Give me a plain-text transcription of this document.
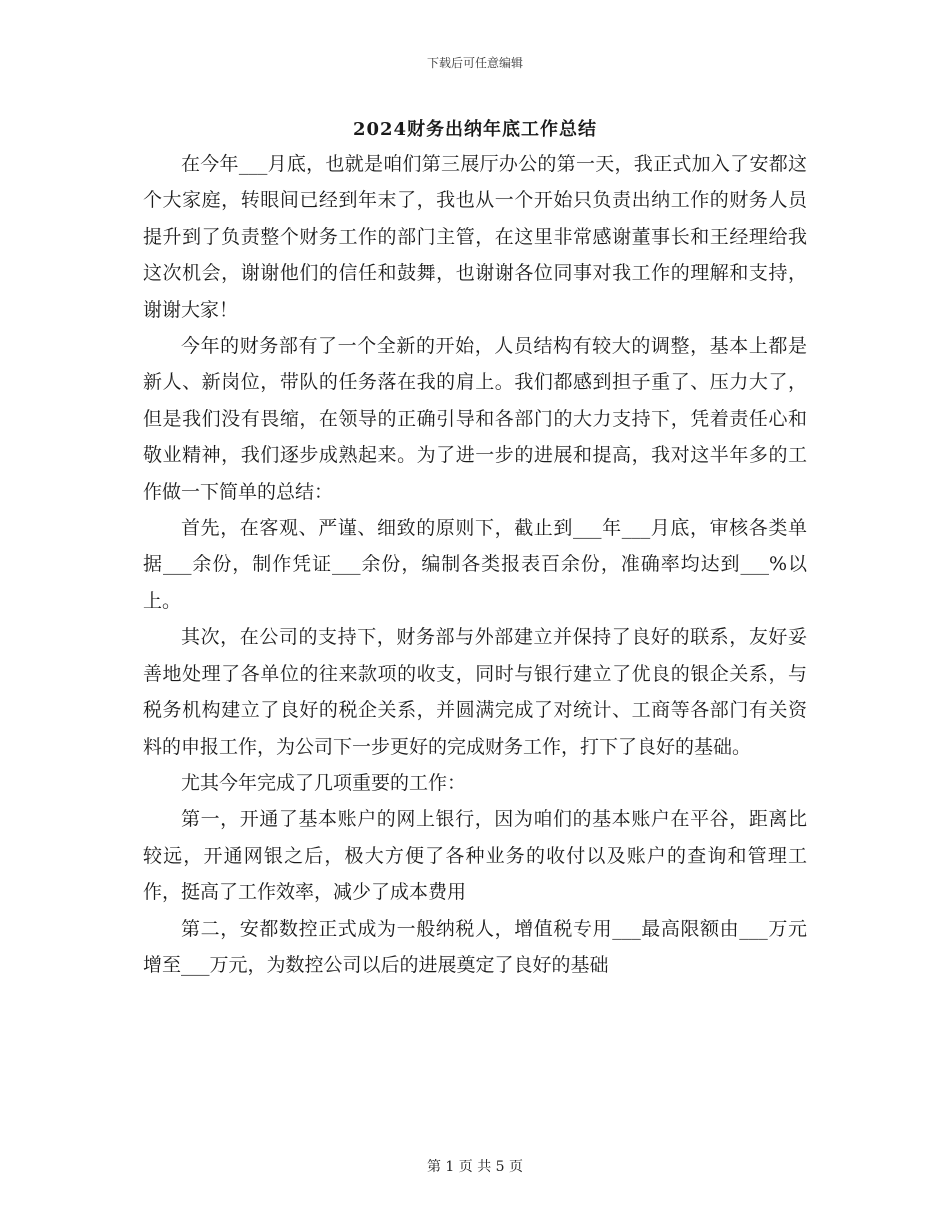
下载后可任意编辑
2024财务出纳年底工作总结

在今年___月底，也就是咱们第三展厅办公的第一天，我正式加入了安都这个大家庭，转眼间已经到年末了，我也从一个开始只负责出纳工作的财务人员提升到了负责整个财务工作的部门主管，在这里非常感谢董事长和王经理给我这次机会，谢谢他们的信任和鼓舞，也谢谢各位同事对我工作的理解和支持，谢谢大家！

今年的财务部有了一个全新的开始，人员结构有较大的调整，基本上都是新人、新岗位，带队的任务落在我的肩上。我们都感到担子重了、压力大了，但是我们没有畏缩，在领导的正确引导和各部门的大力支持下，凭着责任心和敬业精神，我们逐步成熟起来。为了进一步的进展和提高，我对这半年多的工作做一下简单的总结：

首先，在客观、严谨、细致的原则下，截止到___年___月底，审核各类单据___余份，制作凭证___余份，编制各类报表百余份，准确率均达到___%以上。

其次，在公司的支持下，财务部与外部建立并保持了良好的联系，友好妥善地处理了各单位的往来款项的收支，同时与银行建立了优良的银企关系，与税务机构建立了良好的税企关系，并圆满完成了对统计、工商等各部门有关资料的申报工作，为公司下一步更好的完成财务工作，打下了良好的基础。

尤其今年完成了几项重要的工作：

第一，开通了基本账户的网上银行，因为咱们的基本账户在平谷，距离比较远，开通网银之后，极大方便了各种业务的收付以及账户的查询和管理工作，挺高了工作效率，减少了成本费用

第二，安都数控正式成为一般纳税人，增值税专用___最高限额由___万元增至___万元，为数控公司以后的进展奠定了良好的基础

第 1 页 共 5 页
